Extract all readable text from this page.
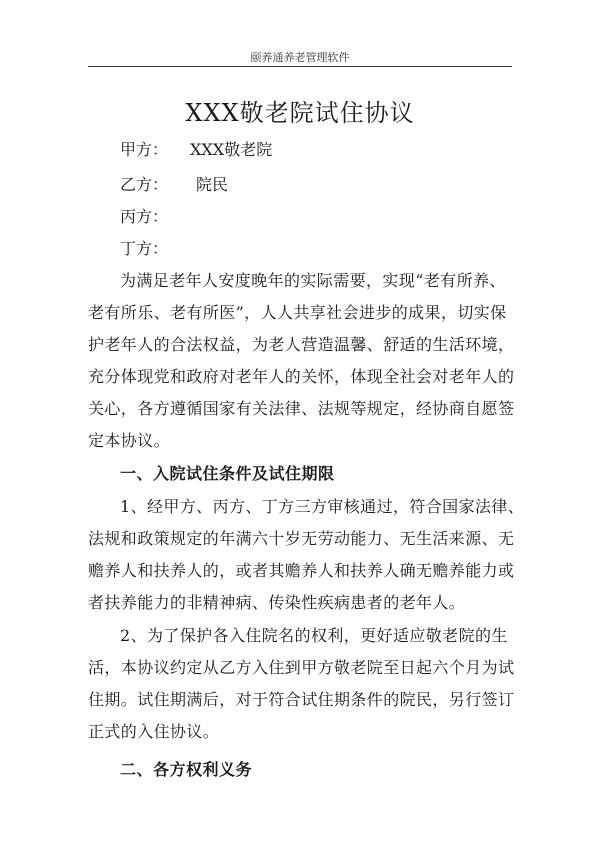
颐养通养老管理软件
XXX敬老院试住协议
甲方： XXX敬老院
乙方： 院民
丙方：
丁方：
为满足老年人安度晚年的实际需要，实现“老有所养、
老有所乐、老有所医”，人人共享社会进步的成果，切实保
护老年人的合法权益，为老人营造温馨、舒适的生活环境，
充分体现党和政府对老年人的关怀，体现全社会对老年人的
关心，各方遵循国家有关法律、法规等规定，经协商自愿签
定本协议。
一、入院试住条件及试住期限
1、经甲方、丙方、丁方三方审核通过，符合国家法律、
法规和政策规定的年满六十岁无劳动能力、无生活来源、无
赡养人和扶养人的，或者其赡养人和扶养人确无赡养能力或
者扶养能力的非精神病、传染性疾病患者的老年人。
2、为了保护各入住院名的权利，更好适应敬老院的生
活，本协议约定从乙方入住到甲方敬老院至日起六个月为试
住期。试住期满后，对于符合试住期条件的院民，另行签订
正式的入住协议。
二、各方权利义务
